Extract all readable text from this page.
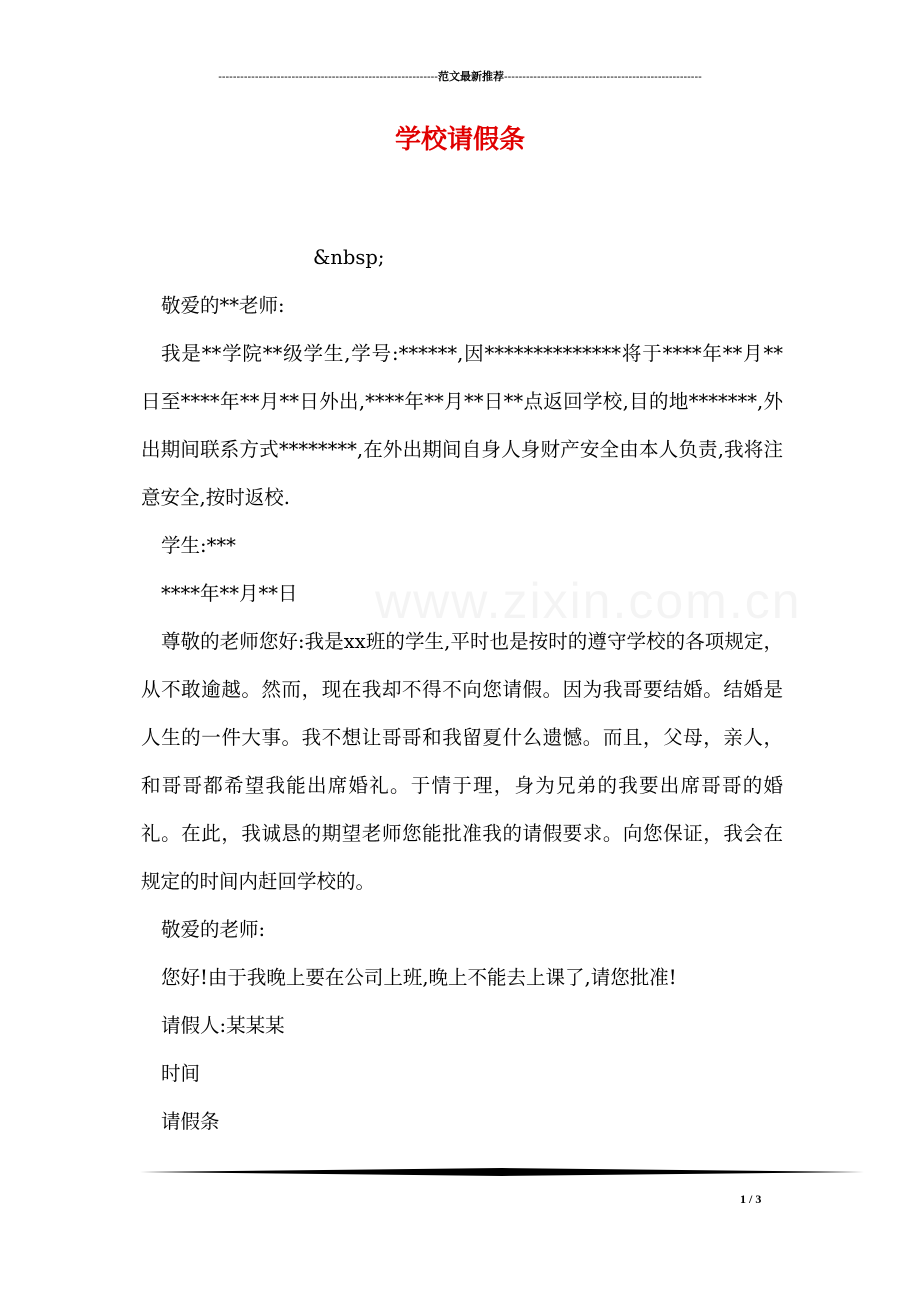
------------------------------------------------------------范文最新推荐------------------------------------------------------
学校请假条

&nbsp;

敬爱的**老师:

我是**学院**级学生,学号:******,因**************将于****年**月**日至****年**月**日外出,****年**月**日**点返回学校,目的地*******,外出期间联系方式********,在外出期间自身人身财产安全由本人负责,我将注意安全,按时返校.

学生:***

****年**月**日

尊敬的老师您好:我是xx班的学生,平时也是按时的遵守学校的各项规定，从不敢逾越。然而，现在我却不得不向您请假。因为我哥要结婚。结婚是人生的一件大事。我不想让哥哥和我留夏什么遗憾。而且，父母，亲人，和哥哥都希望我能出席婚礼。于情于理，身为兄弟的我要出席哥哥的婚礼。在此，我诚恳的期望老师您能批准我的请假要求。向您保证，我会在规定的时间内赶回学校的。

敬爱的老师:

您好!由于我晚上要在公司上班,晚上不能去上课了,请您批准!

请假人:某某某

时间

请假条

1 / 3
